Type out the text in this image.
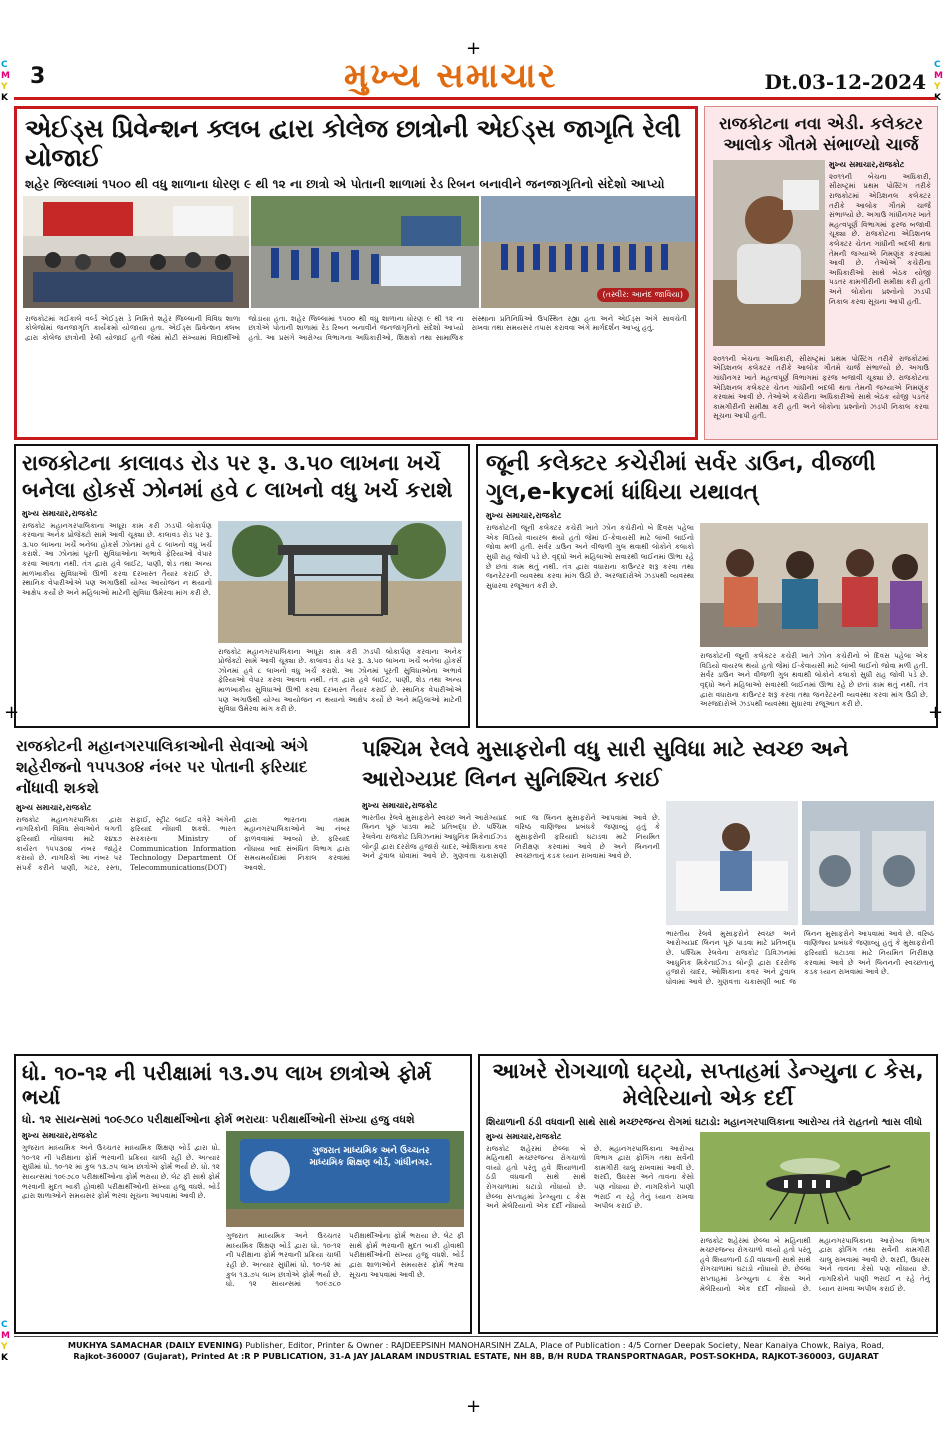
+
+
+	+
C
M
Y
K
C
M
Y
K
C
M
Y
K
3	મુખ્ય સમાચાર	Dt.03-12-2024
એઈડ્સ પ્રિવેન્શન ક્લબ દ્વારા કોલેજ છાત્રોની એઈડ્સ જાગૃતિ રેલી યોજાઈ
શહેર જિલ્લામાં ૧૫૦૦ થી વધુ શાળાના ધોરણ ૯ થી ૧૨ ના છાત્રો એ પોતાની શાળામાં રેડ રિબન બનાવીને જનજાગૃતિનો સંદેશો આપ્યો
(તસ્વીર: આનંદ જાવિયા)
રાજકોટમાં ગઈકાલે વર્લ્ડ એઈડ્સ ડે નિમિત્તે શહેર જિલ્લાની વિવિધ શાળા કોલેજોમાં જનજાગૃતિ કાર્યક્રમો યોજાયા હતા. એઈડ્સ પ્રિવેન્શન ક્લબ દ્વારા કોલેજ છાત્રોની રેલી યોજાઈ હતી જેમાં મોટી સંખ્યામાં વિદ્યાર્થીઓ જોડાયા હતા. શહેર જિલ્લામાં ૧૫૦૦ થી વધુ શાળાના ધોરણ ૯ થી ૧૨ ના છાત્રોએ પોતાની શાળામાં રેડ રિબન બનાવીને જનજાગૃતિનો સંદેશો આપ્યો હતો. આ પ્રસંગે આરોગ્ય વિભાગના અધિકારીઓ, શિક્ષકો તથા સામાજિક સંસ્થાના પ્રતિનિધિઓ ઉપસ્થિત રહ્યા હતા અને એઈડ્સ અંગે સાવચેતી રાખવા તથા સમયસર તપાસ કરાવવા અંગે માર્ગદર્શન આપ્યું હતું.
રાજકોટના નવા એડી. કલેક્ટર આલોક ગૌતમે સંભાળ્યો ચાર્જ
મુખ્ય સમાચાર,રાજકોટ
૨૦૧૧ની બેચના અધિકારી, સૌરાષ્ટ્રમાં પ્રથમ પોસ્ટિંગ તરીકે રાજકોટમાં એડિશનલ કલેક્ટર તરીકે આલોક ગૌતમે ચાર્જ સંભાળ્યો છે. અગાઉ ગાંધીનગર ખાતે મહત્વપૂર્ણ વિભાગમાં ફરજ બજાવી ચૂક્યા છે. રાજકોટના એડિશનલ કલેક્ટર ચેતન ગાંધીની બદલી થતા તેમની જગ્યાએ નિમણૂંક કરવામાં આવી છે. તેઓએ કચેરીના અધિકારીઓ સાથે બેઠક યોજી પડતર કામગીરીની સમીક્ષા કરી હતી અને લોકોના પ્રશ્નોનો ઝડપી નિકાલ કરવા સૂચના આપી હતી.
૨૦૧૧ની બેચના અધિકારી, સૌરાષ્ટ્રમાં પ્રથમ પોસ્ટિંગ તરીકે રાજકોટમાં એડિશનલ કલેક્ટર તરીકે આલોક ગૌતમે ચાર્જ સંભાળ્યો છે. અગાઉ ગાંધીનગર ખાતે મહત્વપૂર્ણ વિભાગમાં ફરજ બજાવી ચૂક્યા છે. રાજકોટના એડિશનલ કલેક્ટર ચેતન ગાંધીની બદલી થતા તેમની જગ્યાએ નિમણૂંક કરવામાં આવી છે. તેઓએ કચેરીના અધિકારીઓ સાથે બેઠક યોજી પડતર કામગીરીની સમીક્ષા કરી હતી અને લોકોના પ્રશ્નોનો ઝડપી નિકાલ કરવા સૂચના આપી હતી.
રાજકોટના કાલાવડ રોડ પર રૂ. ૩.૫૦ લાખના ખર્ચે બનેલા હોકર્સ ઝોનમાં હવે ૮ લાખનો વધુ ખર્ચ કરાશે
મુખ્ય સમાચાર,રાજકોટ
રાજકોટ મહાનગરપાલિકાના અધૂરા કામ કરી ઝડપી લોકાર્પણ કરવાના અનેક પ્રોજેક્ટો સામે આવી ચૂક્યા છે. કાલાવડ રોડ પર રૂ. ૩.૫૦ લાખના ખર્ચે બનેલા હોકર્સ ઝોનમાં હવે ૮ લાખનો વધુ ખર્ચ કરાશે. આ ઝોનમાં પૂરતી સુવિધાઓના અભાવે ફેરિયાઓ વેપાર કરવા આવતા નથી. તંત્ર દ્વારા હવે લાઈટ, પાણી, શેડ તથા અન્ય માળખાકીય સુવિધાઓ ઊભી કરવા દરખાસ્ત તૈયાર કરાઈ છે. સ્થાનિક વેપારીઓએ પણ અગાઉથી યોગ્ય આયોજન ન થયાનો આક્ષેપ કર્યો છે અને મહિલાઓ માટેની સુવિધા ઉમેરવા માંગ કરી છે.
રાજકોટ મહાનગરપાલિકાના અધૂરા કામ કરી ઝડપી લોકાર્પણ કરવાના અનેક પ્રોજેક્ટો સામે આવી ચૂક્યા છે. કાલાવડ રોડ પર રૂ. ૩.૫૦ લાખના ખર્ચે બનેલા હોકર્સ ઝોનમાં હવે ૮ લાખનો વધુ ખર્ચ કરાશે. આ ઝોનમાં પૂરતી સુવિધાઓના અભાવે ફેરિયાઓ વેપાર કરવા આવતા નથી. તંત્ર દ્વારા હવે લાઈટ, પાણી, શેડ તથા અન્ય માળખાકીય સુવિધાઓ ઊભી કરવા દરખાસ્ત તૈયાર કરાઈ છે. સ્થાનિક વેપારીઓએ પણ અગાઉથી યોગ્ય આયોજન ન થયાનો આક્ષેપ કર્યો છે અને મહિલાઓ માટેની સુવિધા ઉમેરવા માંગ કરી છે.
જૂની કલેક્ટર કચેરીમાં સર્વર ડાઉન, વીજળી ગુલ,e-kycમાં ધાંધિયા યથાવત્
મુખ્ય સમાચાર,રાજકોટ
રાજકોટની જૂની કલેક્ટર કચેરી ખાતે ઝોન કચેરીનો બે દિવસ પહેલા એક વિડિયો વાયરલ થયો હતો જેમાં ઈ-કેવાયસી માટે લાંબી લાઈનો જોવા મળી હતી. સર્વર ડાઉન અને વીજળી ગુલ થવાથી લોકોને કલાકો સુધી રાહ જોવી પડે છે. વૃદ્ધો અને મહિલાઓ સવારથી લાઈનમાં ઊભા રહે છે છતાં કામ થતું નથી. તંત્ર દ્વારા વધારાના કાઉન્ટર શરૂ કરવા તથા જનરેટરની વ્યવસ્થા કરવા માંગ ઉઠી છે. અરજદારોએ ઝડપથી વ્યવસ્થા સુધારવા રજૂઆત કરી છે.
રાજકોટની જૂની કલેક્ટર કચેરી ખાતે ઝોન કચેરીનો બે દિવસ પહેલા એક વિડિયો વાયરલ થયો હતો જેમાં ઈ-કેવાયસી માટે લાંબી લાઈનો જોવા મળી હતી. સર્વર ડાઉન અને વીજળી ગુલ થવાથી લોકોને કલાકો સુધી રાહ જોવી પડે છે. વૃદ્ધો અને મહિલાઓ સવારથી લાઈનમાં ઊભા રહે છે છતાં કામ થતું નથી. તંત્ર દ્વારા વધારાના કાઉન્ટર શરૂ કરવા તથા જનરેટરની વ્યવસ્થા કરવા માંગ ઉઠી છે. અરજદારોએ ઝડપથી વ્યવસ્થા સુધારવા રજૂઆત કરી છે.
રાજકોટની મહાનગરપાલિકાઓની સેવાઓ અંગે શહેરીજનો ૧૫૫૩૦૪ નંબર પર પોતાની ફરિયાદ નોંધાવી શકશે
મુખ્ય સમાચાર,રાજકોટ
રાજકોટ મહાનગરપાલિકા દ્વારા નાગરિકોની વિવિધ સેવાઓને લગતી ફરિયાદો નોંધાવવા માટે ૨૪x૭ કાર્યરત ૧૫૫૩૦૪ નંબર જાહેર કરાયો છે. નાગરિકો આ નંબર પર સંપર્ક કરીને પાણી, ગટર, રસ્તા, સફાઈ, સ્ટ્રીટ લાઈટ વગેરે અંગેની ફરિયાદ નોંધાવી શકશે. ભારત સરકારના Ministry of Communication Information Technology Department Of Telecommunications(DOT) દ્વારા ભારતના તમામ મહાનગરપાલિકાઓને આ નંબર ફાળવવામાં આવ્યો છે. ફરિયાદ નોંધાયા બાદ સંબંધિત વિભાગ દ્વારા સમયમર્યાદામાં નિકાલ કરવામાં આવશે.
પશ્ચિમ રેલવે મુસાફરોની વધુ સારી સુવિધા માટે સ્વચ્છ અને આરોગ્યપ્રદ લિનન સુનિશ્ચિત કરાઈ
મુખ્ય સમાચાર,રાજકોટ
ભારતીય રેલવે મુસાફરોને સ્વચ્છ અને આરોગ્યપ્રદ લિનન પૂરું પાડવા માટે પ્રતિબદ્ધ છે. પશ્ચિમ રેલવેના રાજકોટ ડિવિઝનમાં આધુનિક મિકેનાઈઝ્ડ લોન્ડ્રી દ્વારા દરરોજ હજારો ચાદર, ઓશિકાના કવર અને ટુવાલ ધોવામાં આવે છે. ગુણવત્તા ચકાસણી બાદ જ લિનન મુસાફરોને આપવામાં આવે છે. વરિષ્ઠ વાણિજ્ય પ્રબંધકે જણાવ્યું હતું કે મુસાફરોની ફરિયાદો ઘટાડવા માટે નિયમિત નિરીક્ષણ કરવામાં આવે છે અને લિનનની સ્વચ્છતાનું કડક ધ્યાન રાખવામાં આવે છે.
ભારતીય રેલવે મુસાફરોને સ્વચ્છ અને આરોગ્યપ્રદ લિનન પૂરું પાડવા માટે પ્રતિબદ્ધ છે. પશ્ચિમ રેલવેના રાજકોટ ડિવિઝનમાં આધુનિક મિકેનાઈઝ્ડ લોન્ડ્રી દ્વારા દરરોજ હજારો ચાદર, ઓશિકાના કવર અને ટુવાલ ધોવામાં આવે છે. ગુણવત્તા ચકાસણી બાદ જ લિનન મુસાફરોને આપવામાં આવે છે. વરિષ્ઠ વાણિજ્ય પ્રબંધકે જણાવ્યું હતું કે મુસાફરોની ફરિયાદો ઘટાડવા માટે નિયમિત નિરીક્ષણ કરવામાં આવે છે અને લિનનની સ્વચ્છતાનું કડક ધ્યાન રાખવામાં આવે છે.
ધો. ૧૦-૧૨ ની પરીક્ષામાં ૧૩.૭૫ લાખ છાત્રોએ ફોર્મ ભર્યા
ધો. ૧૨ સાયન્સમાં ૧૦૯૭૮૦ પરીક્ષાર્થીઓના ફોર્મ ભરાયાઃ પરીક્ષાર્થીઓની સંખ્યા હજુ વધશે
મુખ્ય સમાચાર,રાજકોટ
ગુજરાત માધ્યમિક અને ઉચ્ચતર માધ્યમિક શિક્ષણ બોર્ડ દ્વારા ધો. ૧૦-૧૨ ની પરીક્ષાના ફોર્મ ભરવાની પ્રક્રિયા ચાલી રહી છે. અત્યાર સુધીમાં ધો. ૧૦-૧૨ માં કુલ ૧૩.૭૫ લાખ છાત્રોએ ફોર્મ ભર્યા છે. ધો. ૧૨ સાયન્સમાં ૧૦૯૭૮૦ પરીક્ષાર્થીઓના ફોર્મ ભરાયા છે. લેટ ફી સાથે ફોર્મ ભરવાની મુદત બાકી હોવાથી પરીક્ષાર્થીઓની સંખ્યા હજુ વધશે. બોર્ડ દ્વારા શાળાઓને સમયસર ફોર્મ ભરવા સૂચના આપવામાં આવી છે.
ગુજરાત માધ્યમિક અને ઉચ્ચતર માધ્યમિક શિક્ષણ બોર્ડ, ગાંધીનગર.
ગુજરાત માધ્યમિક અને ઉચ્ચતર માધ્યમિક શિક્ષણ બોર્ડ દ્વારા ધો. ૧૦-૧૨ ની પરીક્ષાના ફોર્મ ભરવાની પ્રક્રિયા ચાલી રહી છે. અત્યાર સુધીમાં ધો. ૧૦-૧૨ માં કુલ ૧૩.૭૫ લાખ છાત્રોએ ફોર્મ ભર્યા છે. ધો. ૧૨ સાયન્સમાં ૧૦૯૭૮૦ પરીક્ષાર્થીઓના ફોર્મ ભરાયા છે. લેટ ફી સાથે ફોર્મ ભરવાની મુદત બાકી હોવાથી પરીક્ષાર્થીઓની સંખ્યા હજુ વધશે. બોર્ડ દ્વારા શાળાઓને સમયસર ફોર્મ ભરવા સૂચના આપવામાં આવી છે.
આખરે રોગચાળો ઘટ્યો, સપ્તાહમાં ડેન્ગ્યુના ૮ કેસ, મેલેરિયાનો એક દર્દી
શિયાળાની ઠંડી વધવાની સાથે સાથે મચ્છરજન્ય રોગમાં ઘટાડો: મહાનગરપાલિકાના આરોગ્ય તંત્રે રાહતનો શ્વાસ લીધો
મુખ્ય સમાચાર,રાજકોટ
રાજકોટ શહેરમાં છેલ્લા બે મહિનાથી મચ્છરજન્ય રોગચાળો વધ્યો હતો પરંતુ હવે શિયાળાની ઠંડી વધવાની સાથે સાથે રોગચાળામાં ઘટાડો નોંધાયો છે. છેલ્લા સપ્તાહમાં ડેન્ગ્યુના ૮ કેસ અને મેલેરિયાનો એક દર્દી નોંધાયો છે. મહાનગરપાલિકાના આરોગ્ય વિભાગ દ્વારા ફોગિંગ તથા સર્વેની કામગીરી ચાલુ રાખવામાં આવી છે. શરદી, ઉધરસ અને તાવના કેસો પણ નોંધાયા છે. નાગરિકોને પાણી ભરાઈ ન રહે તેનું ધ્યાન રાખવા અપીલ કરાઈ છે.
રાજકોટ શહેરમાં છેલ્લા બે મહિનાથી મચ્છરજન્ય રોગચાળો વધ્યો હતો પરંતુ હવે શિયાળાની ઠંડી વધવાની સાથે સાથે રોગચાળામાં ઘટાડો નોંધાયો છે. છેલ્લા સપ્તાહમાં ડેન્ગ્યુના ૮ કેસ અને મેલેરિયાનો એક દર્દી નોંધાયો છે. મહાનગરપાલિકાના આરોગ્ય વિભાગ દ્વારા ફોગિંગ તથા સર્વેની કામગીરી ચાલુ રાખવામાં આવી છે. શરદી, ઉધરસ અને તાવના કેસો પણ નોંધાયા છે. નાગરિકોને પાણી ભરાઈ ન રહે તેનું ધ્યાન રાખવા અપીલ કરાઈ છે.
MUKHYA SAMACHAR (DAILY EVENING) Publisher, Editor, Printer & Owner : RAJDEEPSINH MANOHARSINH ZALA, Place of Publication : 4/5 Corner Deepak Society, Near Kanaiya Chowk, Raiya, Road,
Rajkot-360007 (Gujarat), Printed At :R P PUBLICATION, 31-A JAY JALARAM INDUSTRIAL ESTATE, NH 8B, B/H RUDA TRANSPORTNAGAR, POST-SOKHDA, RAJKOT-360003, GUJARAT
